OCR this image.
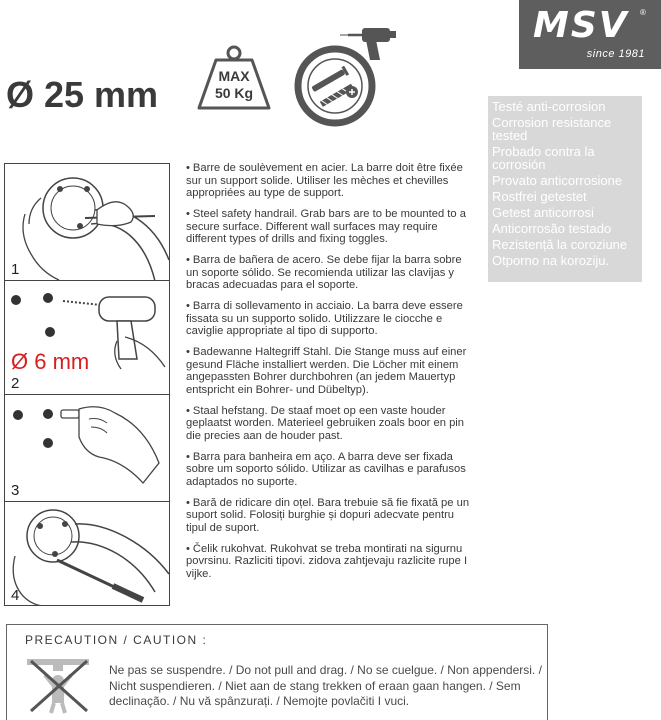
MSV ®
since 1981
Ø 25 mm	MAX
50 Kg
Testé anti-corrosion
Corrosion resistance tested
Probado contra la corrosión
Provato anticorrosione
Rostfrei getestet
Getest anticorrosi
Anticorrosão testado
Rezistență la coroziune
Otporno na koroziju.
1
Ø 6 mm
2
3
4
• Barre de soulèvement en acier. La barre doit être fixée sur un support solide. Utiliser les mèches et chevilles appropriées au type de support.
• Steel safety handrail. Grab bars are to be mounted to a secure surface. Different wall surfaces may require different types of drills and fixing toggles.
• Barra de bañera de acero. Se debe fijar la barra sobre un soporte sólido. Se recomienda utilizar las clavijas y bracas adecuadas para el soporte.
• Barra di sollevamento in acciaio. La barra deve essere fissata su un supporto solido. Utilizzare le ciocche e caviglie appropriate al tipo di supporto.
• Badewanne Haltegriff Stahl. Die Stange muss auf einer gesund Fläche installiert werden. Die Löcher mit einem angepassten Bohrer durchbohren (an jedem Mauertyp entspricht ein Bohrer- und Dübeltyp).
• Staal hefstang. De staaf moet op een vaste houder geplaatst worden. Materieel gebruiken zoals boor en pin die precies aan de houder past.
• Barra para banheira em aço. A barra deve ser fixada sobre um soporto sólido. Utilizar as cavilhas e parafusos adaptados no suporte.
• Bară de ridicare din oțel. Bara trebuie să fie fixată pe un suport solid. Folosiți burghie și dopuri adecvate pentru tipul de suport.
• Čelik rukohvat. Rukohvat se treba montirati na sigurnu povrsinu. Razliciti tipovi. zidova zahtjevaju razlicite rupe I vijke.
PRECAUTION / CAUTION :
Ne pas se suspendre. / Do not pull and drag. / No se cuelgue. / Non appendersi. / Nicht suspendieren. / Niet aan de stang trekken of eraan gaan hangen. / Sem declinação. / Nu vă spânzurați. / Nemojte povlačiti I vuci.
